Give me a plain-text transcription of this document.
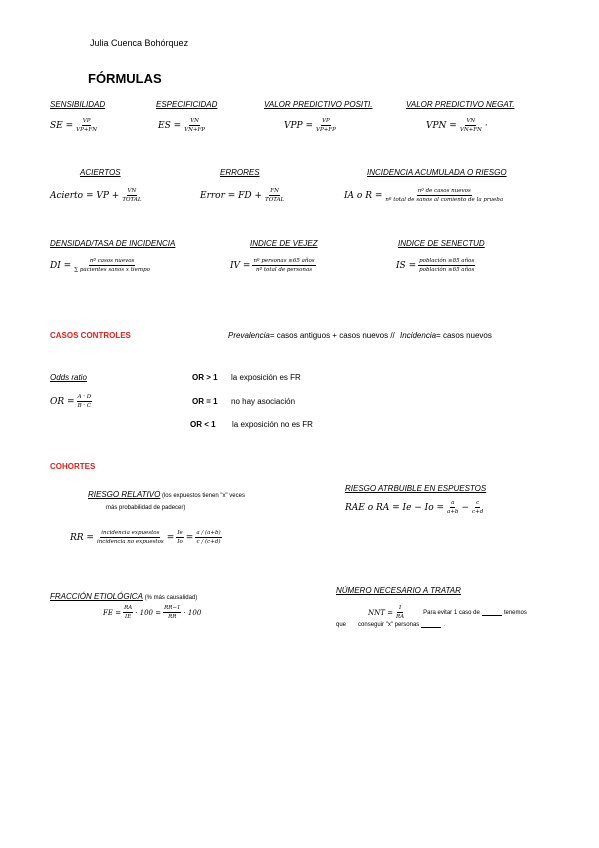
Julia Cuenca Bohórquez
FÓRMULAS
SENSIBILIDAD
SE = $\frac{VP}{VP+FN}$
ESPECIFICIDAD
ES = $\frac{VN}{VN+FP}$
VALOR PREDICTIVO POSITI.
VPP = $\frac{VP}{VP+FP}$
VALOR PREDICTIVO NEGAT.
VPN = $\frac{VN}{VN+FN}$ ·
ACIERTOS
Acierto = VP + $\frac{VN}{\text{TOTAL}}$
ERRORES
Error = FD + $\frac{FN}{\text{TOTAL}}$
INCIDENCIA ACUMULADA O RIESGO
IA o $R = \frac{\text{nº de casos nuevos}}{\text{nº total de sanos al comiento de la prueba}}$
DENSIDAD/TASA DE INCIDENCIA
DI = $\frac{\text{nº casos nuevos}}{\text{∑ pacientes sanos x tiempo}}$
INDICE DE VEJEZ
IV = $\frac{\text{nº personas ≥65 años}}{\text{nº total de personas}}$
INDICE DE SENECTUD
IS = $\frac{\text{población ≥85 años}}{\text{población ≥65 años}}$
CASOS CONTROLES	Prevalencia= casos antiguos + casos nuevos // Incidencia= casos nuevos
Odds ratio
OR = $\frac{A \cdot D}{B \cdot C}$
OR > 1 la exposición es FR
OR = 1 no hay asociación
OR < 1 la exposición no es FR
COHORTES
RIESGO RELATIVO (los expuestos tienen "x" veces
más probabilidad de padecer)
RR = $\frac{\text{incidencia expuestos}}{\text{incidencia no expuestos}} = \frac{Ie}{Io} = \frac{a / (a+b)}{c / (c+d)}$
RIESGO ATRBUIBLE EN ESPUESTOS
RAE o RA = $Ie - Io = \frac{a}{a+b} - \frac{c}{c+d}$
FRACCIÓN ETIOLÓGICA (% más causalidad)
FE = $\frac{RA}{IE} \cdot 100 = \frac{RR-1}{RR} \cdot 100$
NÚMERO NECESARIO A TRATAR
NNT = $\frac{1}{RA}$	Para evitar 1 caso de	tenemos
que conseguir "x" personas	.
